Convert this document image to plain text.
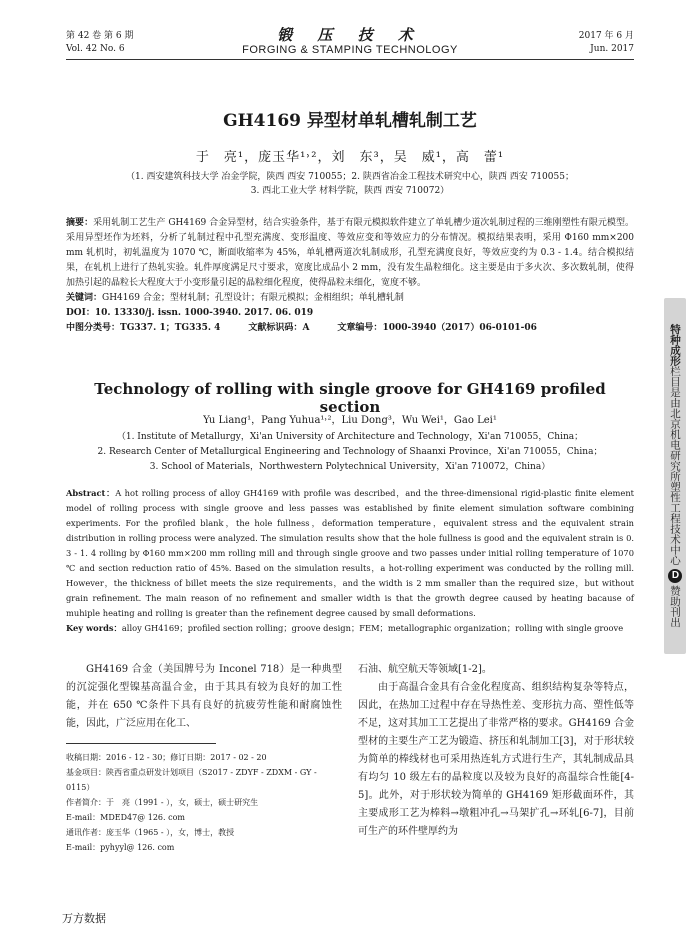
第 42 卷 第 6 期
Vol. 42 No. 6
锻 压 技 术
FORGING & STAMPING TECHNOLOGY
2017 年 6 月
Jun. 2017
GH4169 异型材单轧槽轧制工艺
于　亮¹，庞玉华¹˒²，刘　东³，吴　威¹，高　蕾¹
（1. 西安建筑科技大学 冶金学院，陕西 西安 710055；2. 陕西省冶金工程技术研究中心，陕西 西安 710055；
3. 西北工业大学 材料学院，陕西 西安 710072）
摘要：采用轧制工艺生产 GH4169 合金异型材，结合实验条件，基于有限元模拟软件建立了单轧槽少道次轧制过程的三维刚塑性有限元模型。采用异型坯作为坯料，分析了轧制过程中孔型充满度、变形温度、等效应变和等效应力的分布情况。模拟结果表明，采用 Φ160 mm×200 mm 轧机时，初轧温度为 1070 ℃，断面收缩率为 45%，单轧槽两道次轧制成形，孔型充满度良好，等效应变约为 0.3 - 1.4。结合模拟结果，在轧机上进行了热轧实验。轧件厚度满足尺寸要求，宽度比成品小 2 mm，没有发生晶粒细化。这主要是由于多火次、多次数轧制，使得加热引起的晶粒长大程度大于小变形量引起的晶粒细化程度，使得晶粒未细化，宽度不够。
关键词：GH4169 合金；型材轧制；孔型设计；有限元模拟；金相组织；单轧槽轧制
DOI：10. 13330/j. issn. 1000-3940. 2017. 06. 019
中图分类号：TG337. 1；TG335. 4	文献标识码：A	文章编号：1000-3940（2017）06-0101-06
Technology of rolling with single groove for GH4169 profiled section
Yu Liang¹，Pang Yuhua¹˒²，Liu Dong³，Wu Wei¹，Gao Lei¹
（1. Institute of Metallurgy，Xi'an University of Architecture and Technology，Xi'an 710055，China；
2. Research Center of Metallurgical Engineering and Technology of Shaanxi Province，Xi'an 710055，China；
3. School of Materials，Northwestern Polytechnical University，Xi'an 710072，China）
Abstract：A hot rolling process of alloy GH4169 with profile was described，and the three-dimensional rigid-plastic finite element model of rolling process with single groove and less passes was established by finite element simulation software combining experiments. For the profiled blank，the hole fullness，deformation temperature，equivalent stress and the equivalent strain distribution in rolling process were analyzed. The simulation results show that the hole fullness is good and the equivalent strain is 0. 3 - 1. 4 rolling by Φ160 mm×200 mm rolling mill and through single groove and two passes under initial rolling temperature of 1070 ℃ and section reduction ratio of 45%. Based on the simulation results，a hot-rolling experiment was conducted by the rolling mill. However，the thickness of billet meets the size requirements，and the width is 2 mm smaller than the required size，but without grain refinement. The main reason of no refinement and smaller width is that the growth degree caused by heating bacause of muhiple heating and rolling is greater than the refinement degree caused by small deformations.
Key words：alloy GH4169；profiled section rolling；groove design；FEM；metallographic organization；rolling with single groove

GH4169 合金（美国牌号为 Inconel 718）是一种典型的沉淀强化型镍基高温合金，由于其具有较为良好的加工性能，并在 650 ℃条件下具有良好的抗疲劳性能和耐腐蚀性能，因此，广泛应用在化工、

石油、航空航天等领域[1-2]。

由于高温合金具有合金化程度高、组织结构复杂等特点，因此，在热加工过程中存在导热性差、变形抗力高、塑性低等不足，这对其加工工艺提出了非常严格的要求。GH4169 合金型材的主要生产工艺为锻造、挤压和轧制加工[3]，对于形状较为简单的棒线材也可采用热连轧方式进行生产，其轧制成品具有均匀 10 级左右的晶粒度以及较为良好的高温综合性能[4-5]。此外，对于形状较为简单的 GH4169 矩形截面环件，其主要成形工艺为棒料→墩粗冲孔→马架扩孔→环轧[6-7]，目前可生产的环件壁厚约为

收稿日期：2016 - 12 - 30；修订日期：2017 - 02 - 20
基金项目：陕西省重点研发计划项目（S2017 - ZDYF - ZDXM - GY - 0115）
作者简介：于　亮（1991 - ），女，硕士，硕士研究生
E-mail：MDED47@ 126. com
通讯作者：庞玉华（1965 - ），女，博士，教授
E-mail：pyhyyl@ 126. com
特种成形栏目是由北京机电研究所塑性工程技术中心D赞助刊出
万方数据
